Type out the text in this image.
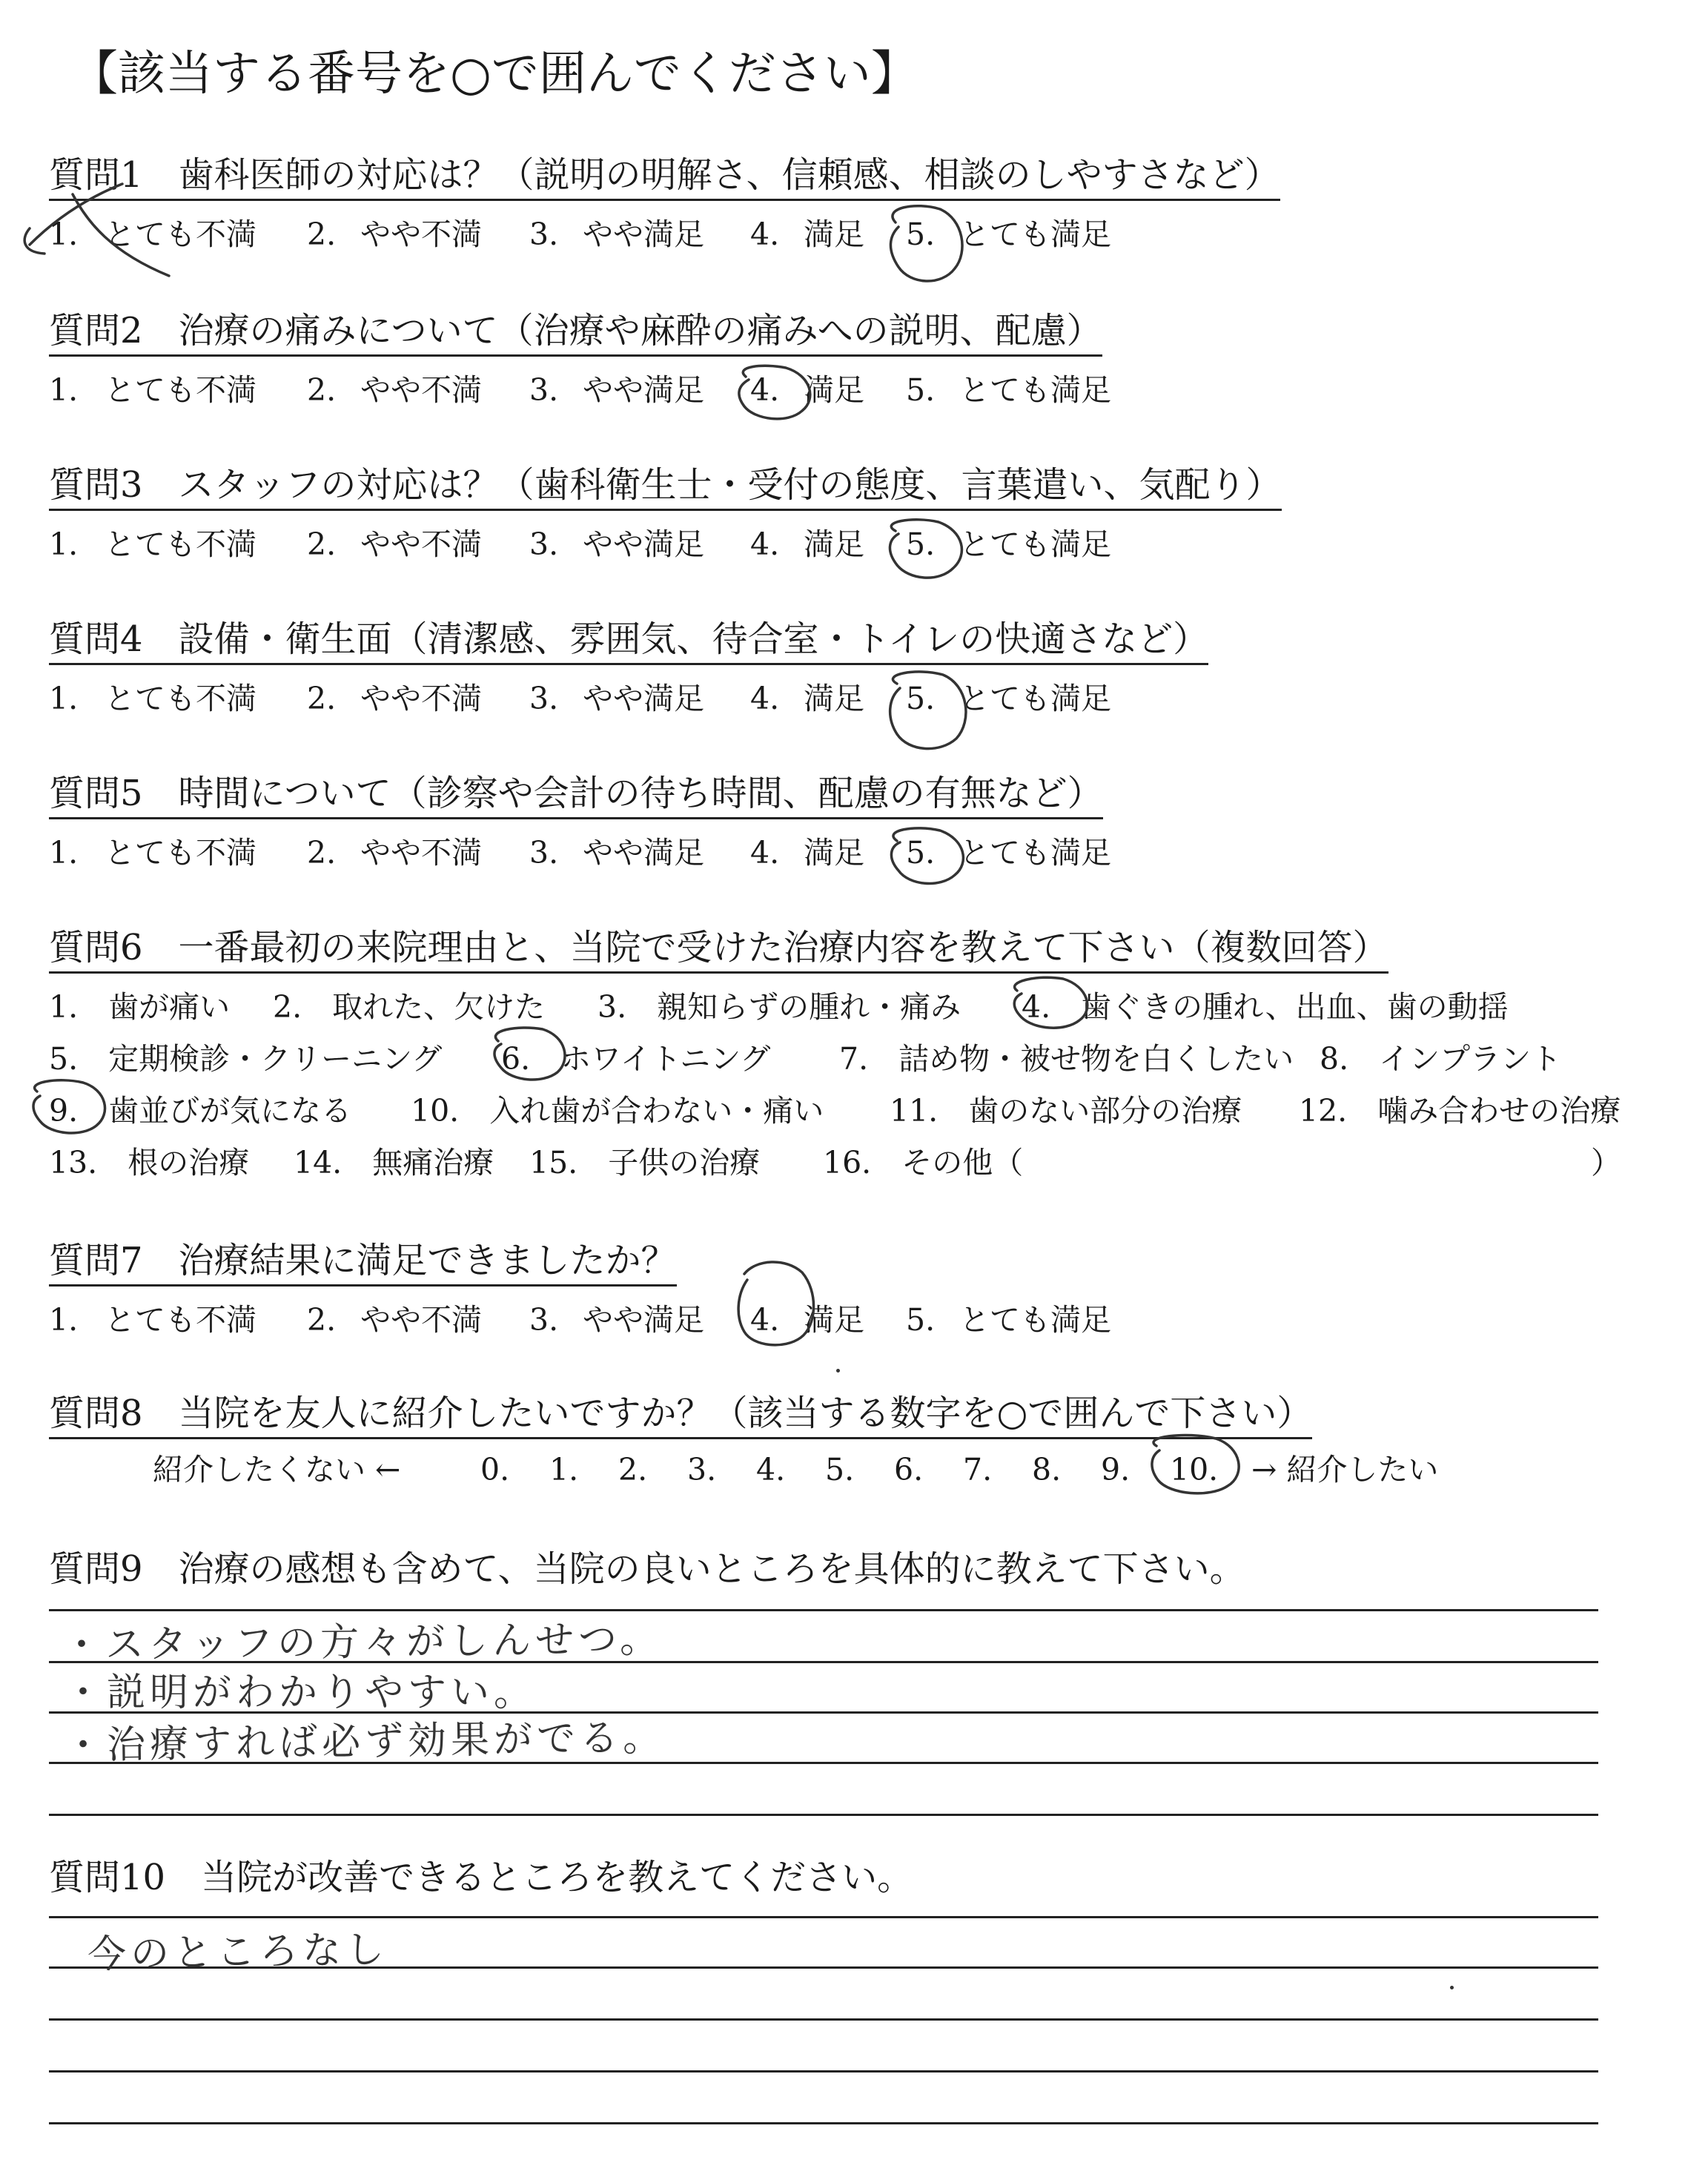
【該当する番号を○で囲んでください】
質問1　歯科医師の対応は？（説明の明解さ、信頼感、相談のしやすさなど）
1. とても不満 2. やや不満 3. やや満足 4. 満足 5. とても満足
質問2　治療の痛みについて（治療や麻酔の痛みへの説明、配慮）
1. とても不満 2. やや不満 3. やや満足 4. 満足 5. とても満足
質問3　スタッフの対応は？（歯科衛生士・受付の態度、言葉遣い、気配り）
1. とても不満 2. やや不満 3. やや満足 4. 満足 5. とても満足
質問4　設備・衛生面（清潔感、雰囲気、待合室・トイレの快適さなど）
1. とても不満 2. やや不満 3. やや満足 4. 満足 5. とても満足
質問5　時間について（診察や会計の待ち時間、配慮の有無など）
1. とても不満 2. やや不満 3. やや満足 4. 満足 5. とても満足
質問6　一番最初の来院理由と、当院で受けた治療内容を教えて下さい（複数回答）
1.　歯が痛い 2.　取れた、欠けた 3.　親知らずの腫れ・痛み 4.　歯ぐきの腫れ、出血、歯の動揺
5.　定期検診・クリーニング 6.　ホワイトニング 7.　詰め物・被せ物を白くしたい 8.　インプラント
9.　歯並びが気になる 10.　入れ歯が合わない・痛い 11.　歯のない部分の治療 12.　噛み合わせの治療
13.　根の治療 14.　無痛治療 15.　子供の治療 16.　その他（	）
質問7　治療結果に満足できましたか？
1. とても不満 2. やや不満 3. やや満足 4. 満足 5. とても満足
質問8　当院を友人に紹介したいですか？（該当する数字を○で囲んで下さい）
紹介したくない ←	0. 1. 2. 3. 4. 5. 6. 7. 8. 9. 10. → 紹介したい
質問9　治療の感想も含めて、当院の良いところを具体的に教えて下さい。
・スタッフの方々がしんせつ。
・説明がわかりやすい。
・治療すれば必ず効果がでる。
質問10　当院が改善できるところを教えてください。
今のところなし
